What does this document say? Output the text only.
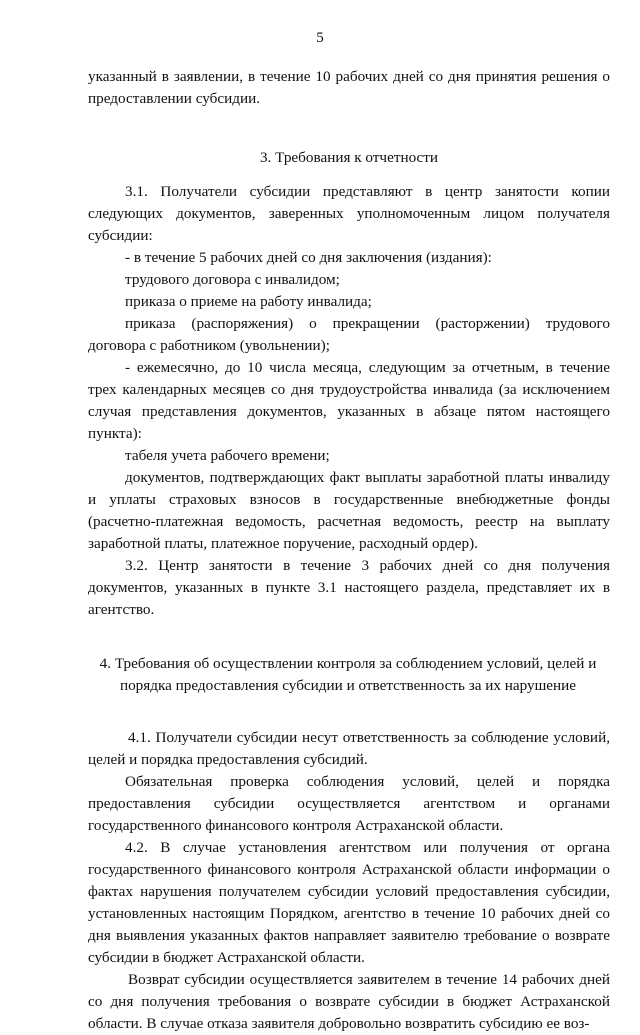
5

указанный в заявлении, в течение 10 рабочих дней со дня принятия решения о предоставлении субсидии.

3. Требования к отчетности

3.1. Получатели субсидии представляют в центр занятости копии следующих документов, заверенных уполномоченным лицом получателя субсидии:

- в течение 5 рабочих дней со дня заключения (издания):

трудового договора с инвалидом;

приказа о приеме на работу инвалида;

приказа (распоряжения) о прекращении (расторжении) трудового договора с работником (увольнении);

- ежемесячно, до 10 числа месяца, следующим за отчетным, в течение трех календарных месяцев со дня трудоустройства инвалида (за исключением случая представления документов, указанных в абзаце пятом настоящего пункта):

табеля учета рабочего времени;

документов, подтверждающих факт выплаты заработной платы инвалиду и уплаты страховых взносов в государственные внебюджетные фонды (расчетно-платежная ведомость, расчетная ведомость, реестр на выплату заработной платы, платежное поручение, расходный ордер).

3.2. Центр занятости в течение 3 рабочих дней со дня получения документов, указанных в пункте 3.1 настоящего раздела, представляет их в агентство.

4. Требования об осуществлении контроля за соблюдением условий, целей и порядка предоставления субсидии и ответственность за их нарушение

4.1. Получатели субсидии несут ответственность за соблюдение условий, целей и порядка предоставления субсидий.

Обязательная проверка соблюдения условий, целей и порядка предоставления субсидии осуществляется агентством и органами государственного финансового контроля Астраханской области.

4.2. В случае установления агентством или получения от органа государственного финансового контроля Астраханской области информации о фактах нарушения получателем субсидии условий предоставления субсидии, установленных настоящим Порядком, агентство в течение 10 рабочих дней со дня выявления указанных фактов направляет заявителю требование о возврате субсидии в бюджет Астраханской области.

Возврат субсидии осуществляется заявителем в течение 14 рабочих дней со дня получения требования о возврате субсидии в бюджет Астраханской области. В случае отказа заявителя добровольно возвратить субсидию ее воз-
